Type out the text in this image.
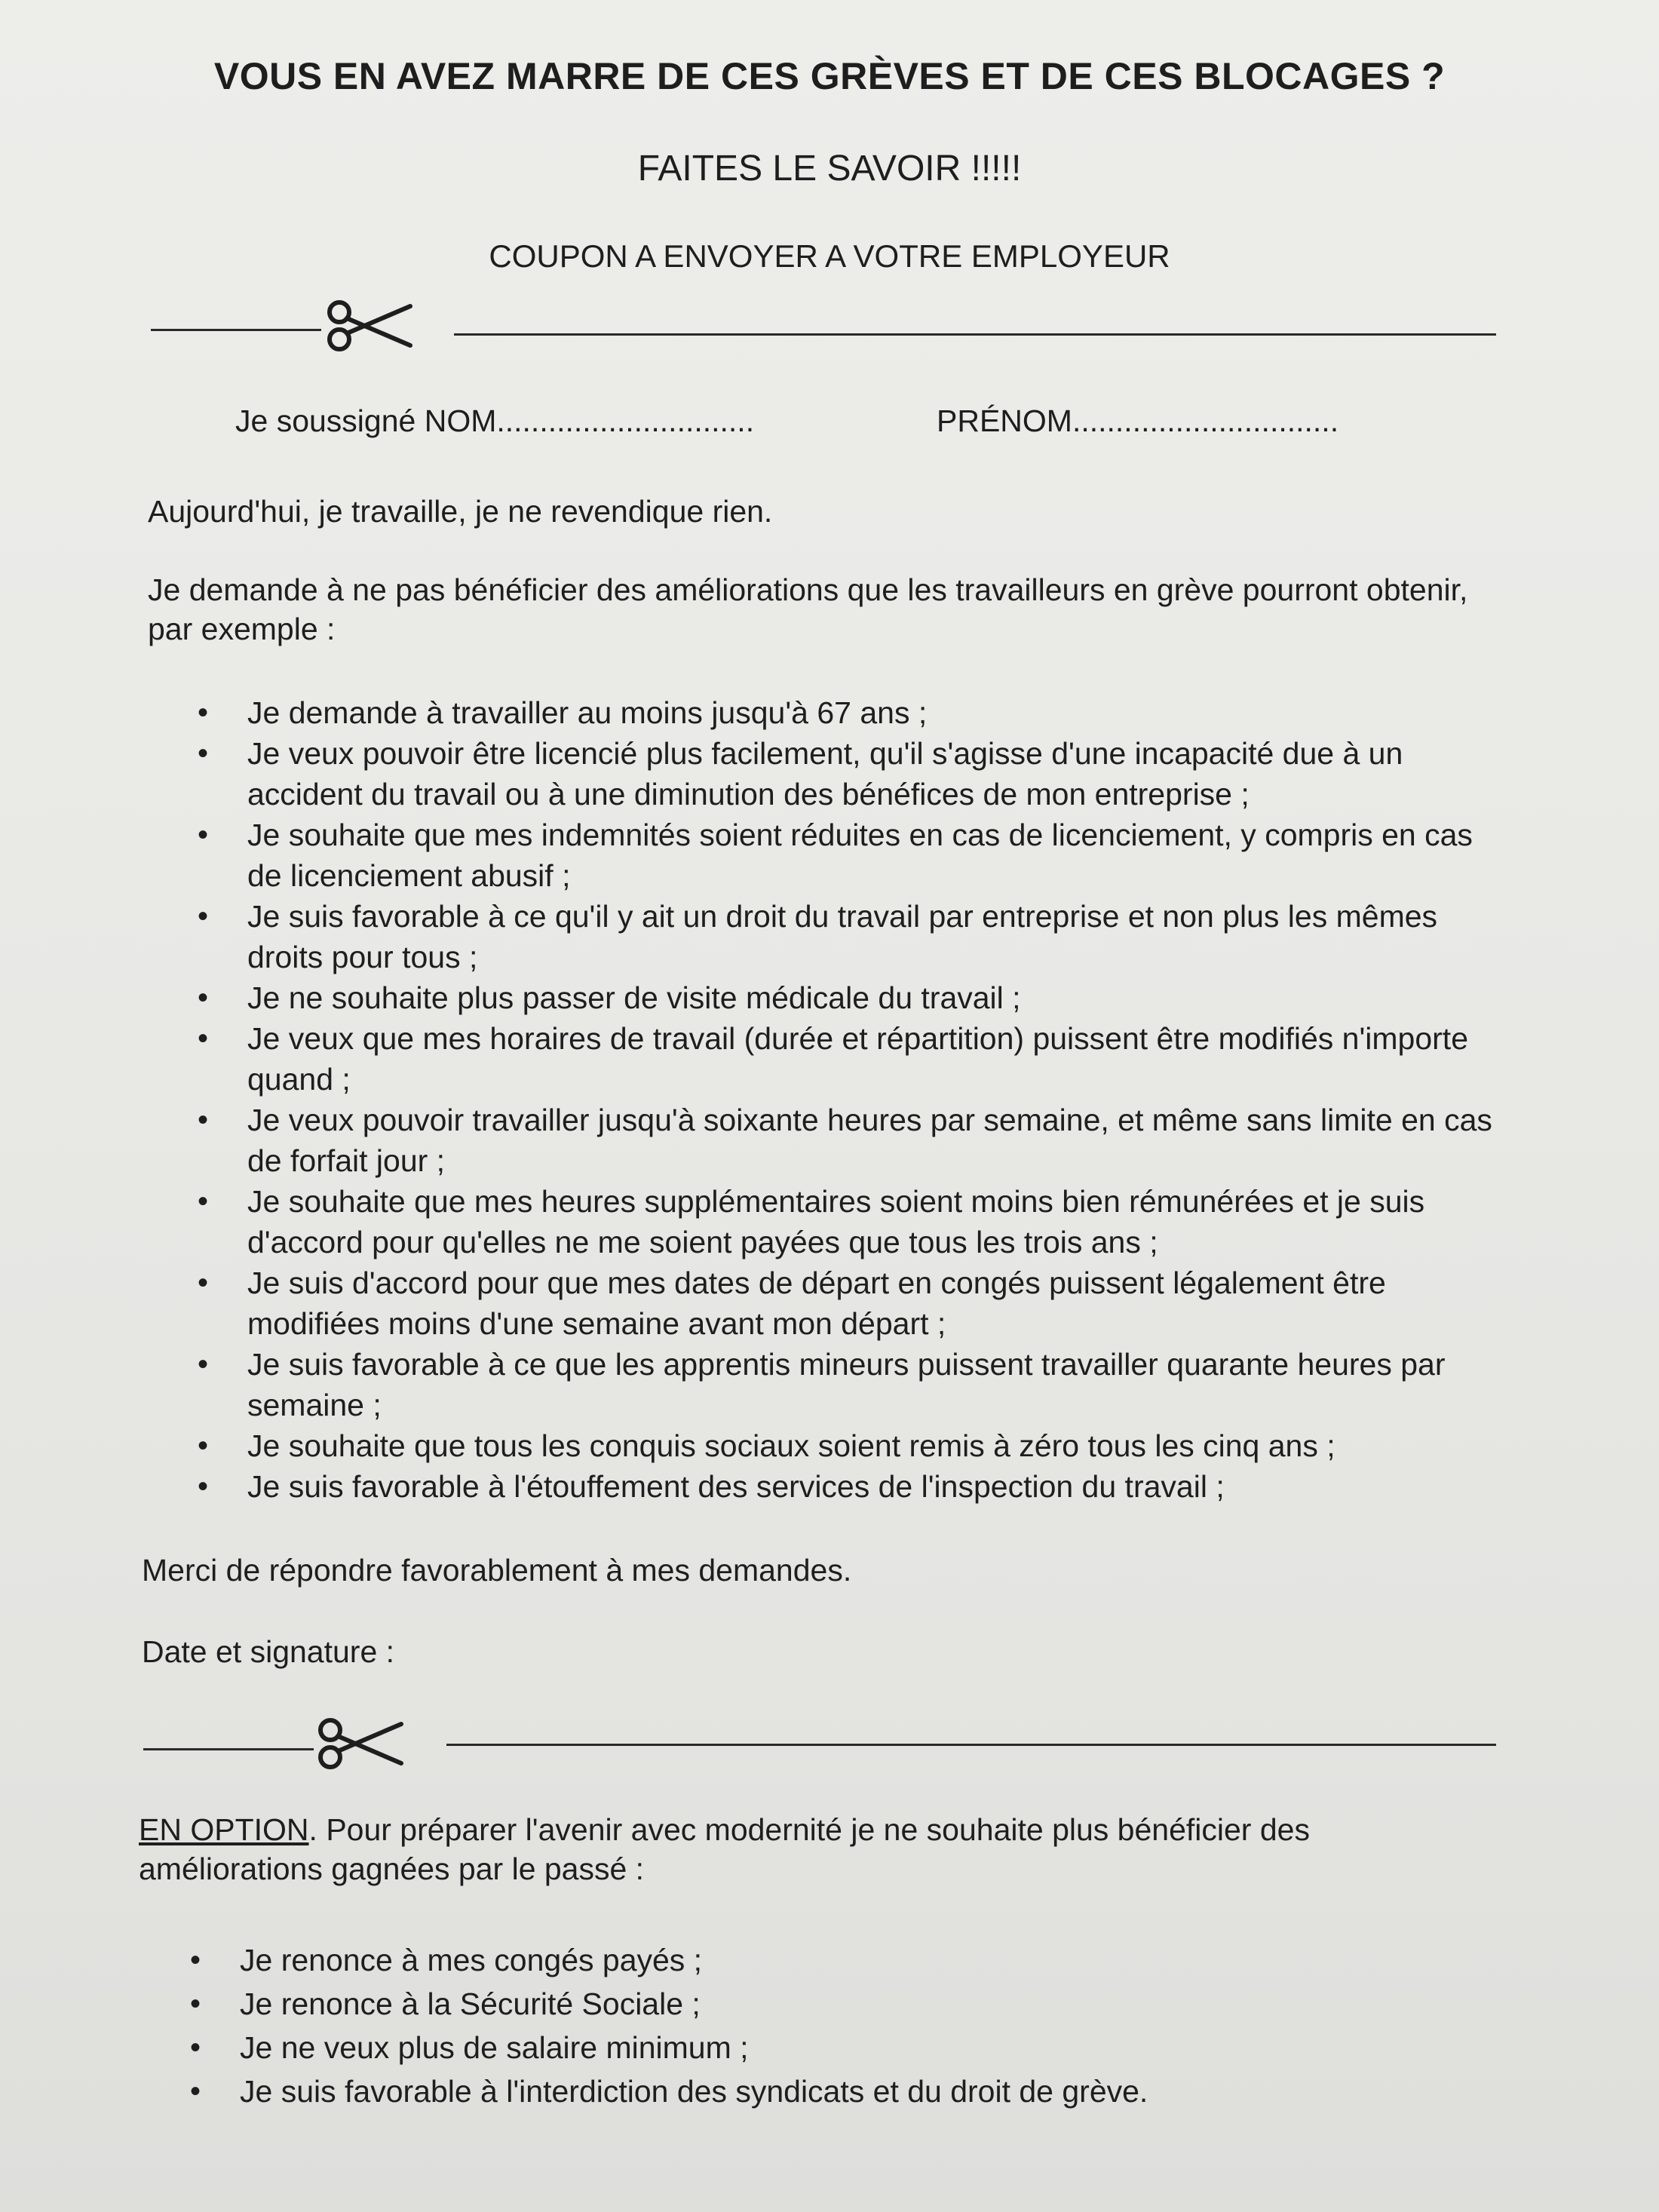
VOUS EN AVEZ MARRE DE CES GRÈVES ET DE CES BLOCAGES ?
FAITES LE SAVOIR !!!!!
COUPON A ENVOYER A VOTRE EMPLOYEUR
Je soussigné NOM..............................	PRÉNOM...............................
Aujourd'hui, je travaille, je ne revendique rien.
Je demande à ne pas bénéficier des améliorations que les travailleurs en grève pourront obtenir, par exemple :
• Je demande à travailler au moins jusqu'à 67 ans ;
• Je veux pouvoir être licencié plus facilement, qu'il s'agisse d'une incapacité due à un accident du travail ou à une diminution des bénéfices de mon entreprise ;
• Je souhaite que mes indemnités soient réduites en cas de licenciement, y compris en cas de licenciement abusif ;
• Je suis favorable à ce qu'il y ait un droit du travail par entreprise et non plus les mêmes droits pour tous ;
• Je ne souhaite plus passer de visite médicale du travail ;
• Je veux que mes horaires de travail (durée et répartition) puissent être modifiés n'importe quand ;
• Je veux pouvoir travailler jusqu'à soixante heures par semaine, et même sans limite en cas de forfait jour ;
• Je souhaite que mes heures supplémentaires soient moins bien rémunérées et je suis d'accord pour qu'elles ne me soient payées que tous les trois ans ;
• Je suis d'accord pour que mes dates de départ en congés puissent légalement être modifiées moins d'une semaine avant mon départ ;
• Je suis favorable à ce que les apprentis mineurs puissent travailler quarante heures par semaine ;
• Je souhaite que tous les conquis sociaux soient remis à zéro tous les cinq ans ;
• Je suis favorable à l'étouffement des services de l'inspection du travail ;
Merci de répondre favorablement à mes demandes.
Date et signature :
EN OPTION. Pour préparer l'avenir avec modernité je ne souhaite plus bénéficier des améliorations gagnées par le passé :
• Je renonce à mes congés payés ;
• Je renonce à la Sécurité Sociale ;
• Je ne veux plus de salaire minimum ;
• Je suis favorable à l'interdiction des syndicats et du droit de grève.
